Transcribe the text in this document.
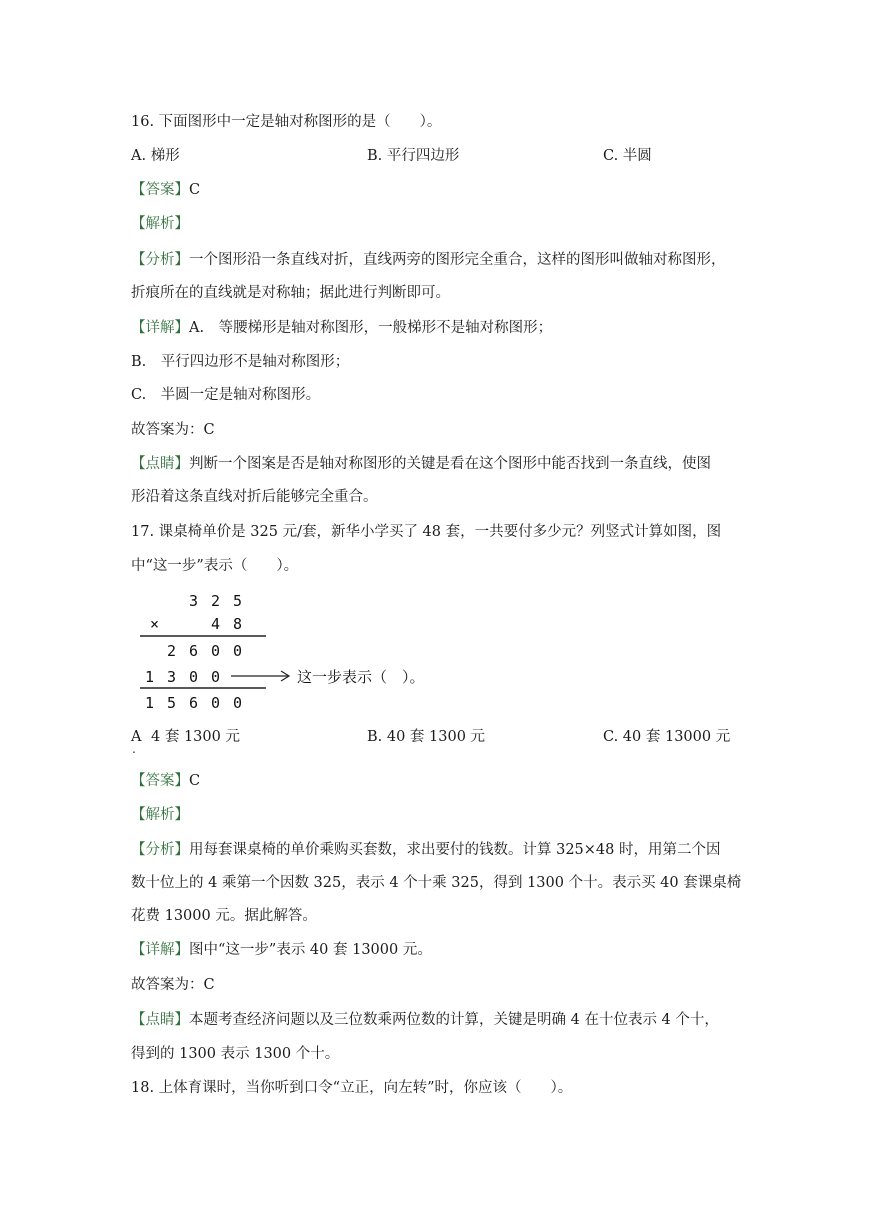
16. 下面图形中一定是轴对称图形的是（　　）。
A. 梯形	B. 平行四边形	C. 半圆
【答案】C
【解析】
【分析】一个图形沿一条直线对折，直线两旁的图形完全重合，这样的图形叫做轴对称图形，
折痕所在的直线就是对称轴；据此进行判断即可。
【详解】A.　等腰梯形是轴对称图形，一般梯形不是轴对称图形；
B.　平行四边形不是轴对称图形；
C.　半圆一定是轴对称图形。
故答案为：C
【点睛】判断一个图案是否是轴对称图形的关键是看在这个图形中能否找到一条直线，使图
形沿着这条直线对折后能够完全重合。
17. 课桌椅单价是 325 元/套，新华小学买了 48 套，一共要付多少元？列竖式计算如图，图
中“这一步”表示（　　）。
3 2 5
×	4 8
2 6 0 0
1 3 0 0	这一步表示（　）。
1 5 6 0 0
A
.
4 套 1300 元	B. 40 套 1300 元	C. 40 套 13000 元
【答案】C
【解析】
【分析】用每套课桌椅的单价乘购买套数，求出要付的钱数。计算 325×48 时，用第二个因
数十位上的 4 乘第一个因数 325，表示 4 个十乘 325，得到 1300 个十。表示买 40 套课桌椅
花费 13000 元。据此解答。
【详解】图中“这一步”表示 40 套 13000 元。
故答案为：C
【点睛】本题考查经济问题以及三位数乘两位数的计算，关键是明确 4 在十位表示 4 个十，
得到的 1300 表示 1300 个十。
18. 上体育课时，当你听到口令“立正，向左转”时，你应该（　　）。
